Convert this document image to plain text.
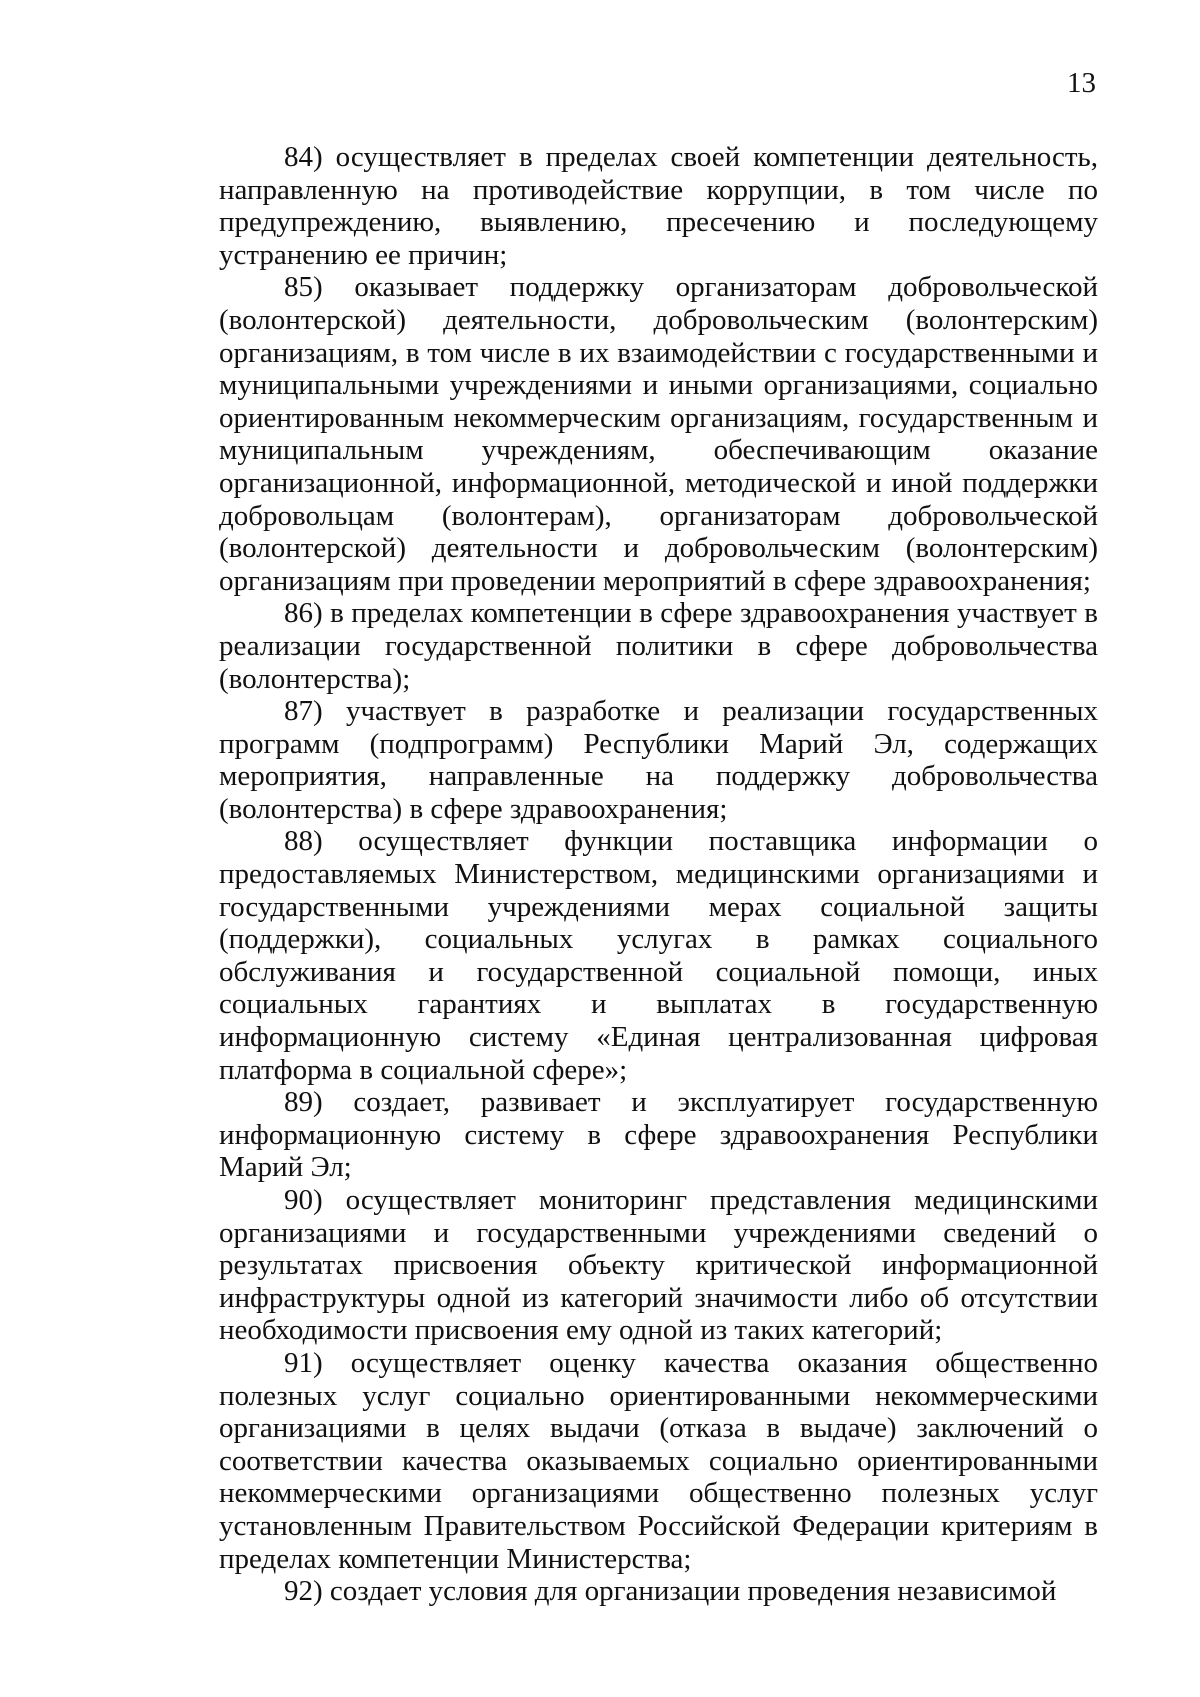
13

84) осуществляет в пределах своей компетенции деятельность, направленную на противодействие коррупции, в том числе по предупреждению, выявлению, пресечению и последующему устранению ее причин;

85) оказывает поддержку организаторам добровольческой (волонтерской) деятельности, добровольческим (волонтерским) организациям, в том числе в их взаимодействии с государственными и муниципальными учреждениями и иными организациями, социально ориентированным некоммерческим организациям, государственным и муниципальным учреждениям, обеспечивающим оказание организационной, информационной, методической и иной поддержки добровольцам (волонтерам), организаторам добровольческой (волонтерской) деятельности и добровольческим (волонтерским) организациям при проведении мероприятий в сфере здравоохранения;

86) в пределах компетенции в сфере здравоохранения участвует в реализации государственной политики в сфере добровольчества (волонтерства);

87) участвует в разработке и реализации государственных программ (подпрограмм) Республики Марий Эл, содержащих мероприятия, направленные на поддержку добровольчества (волонтерства) в сфере здравоохранения;

88) осуществляет функции поставщика информации о предоставляемых Министерством, медицинскими организациями и государственными учреждениями мерах социальной защиты (поддержки), социальных услугах в рамках социального обслуживания и государственной социальной помощи, иных социальных гарантиях и выплатах в государственную информационную систему «Единая централизованная цифровая платформа в социальной сфере»;

89) создает, развивает и эксплуатирует государственную информационную систему в сфере здравоохранения Республики Марий Эл;

90) осуществляет мониторинг представления медицинскими организациями и государственными учреждениями сведений о результатах присвоения объекту критической информационной инфраструктуры одной из категорий значимости либо об отсутствии необходимости присвоения ему одной из таких категорий;

91) осуществляет оценку качества оказания общественно полезных услуг социально ориентированными некоммерческими организациями в целях выдачи (отказа в выдаче) заключений о соответствии качества оказываемых социально ориентированными некоммерческими организациями общественно полезных услуг установленным Правительством Российской Федерации критериям в пределах компетенции Министерства;

92) создает условия для организации проведения независимой
